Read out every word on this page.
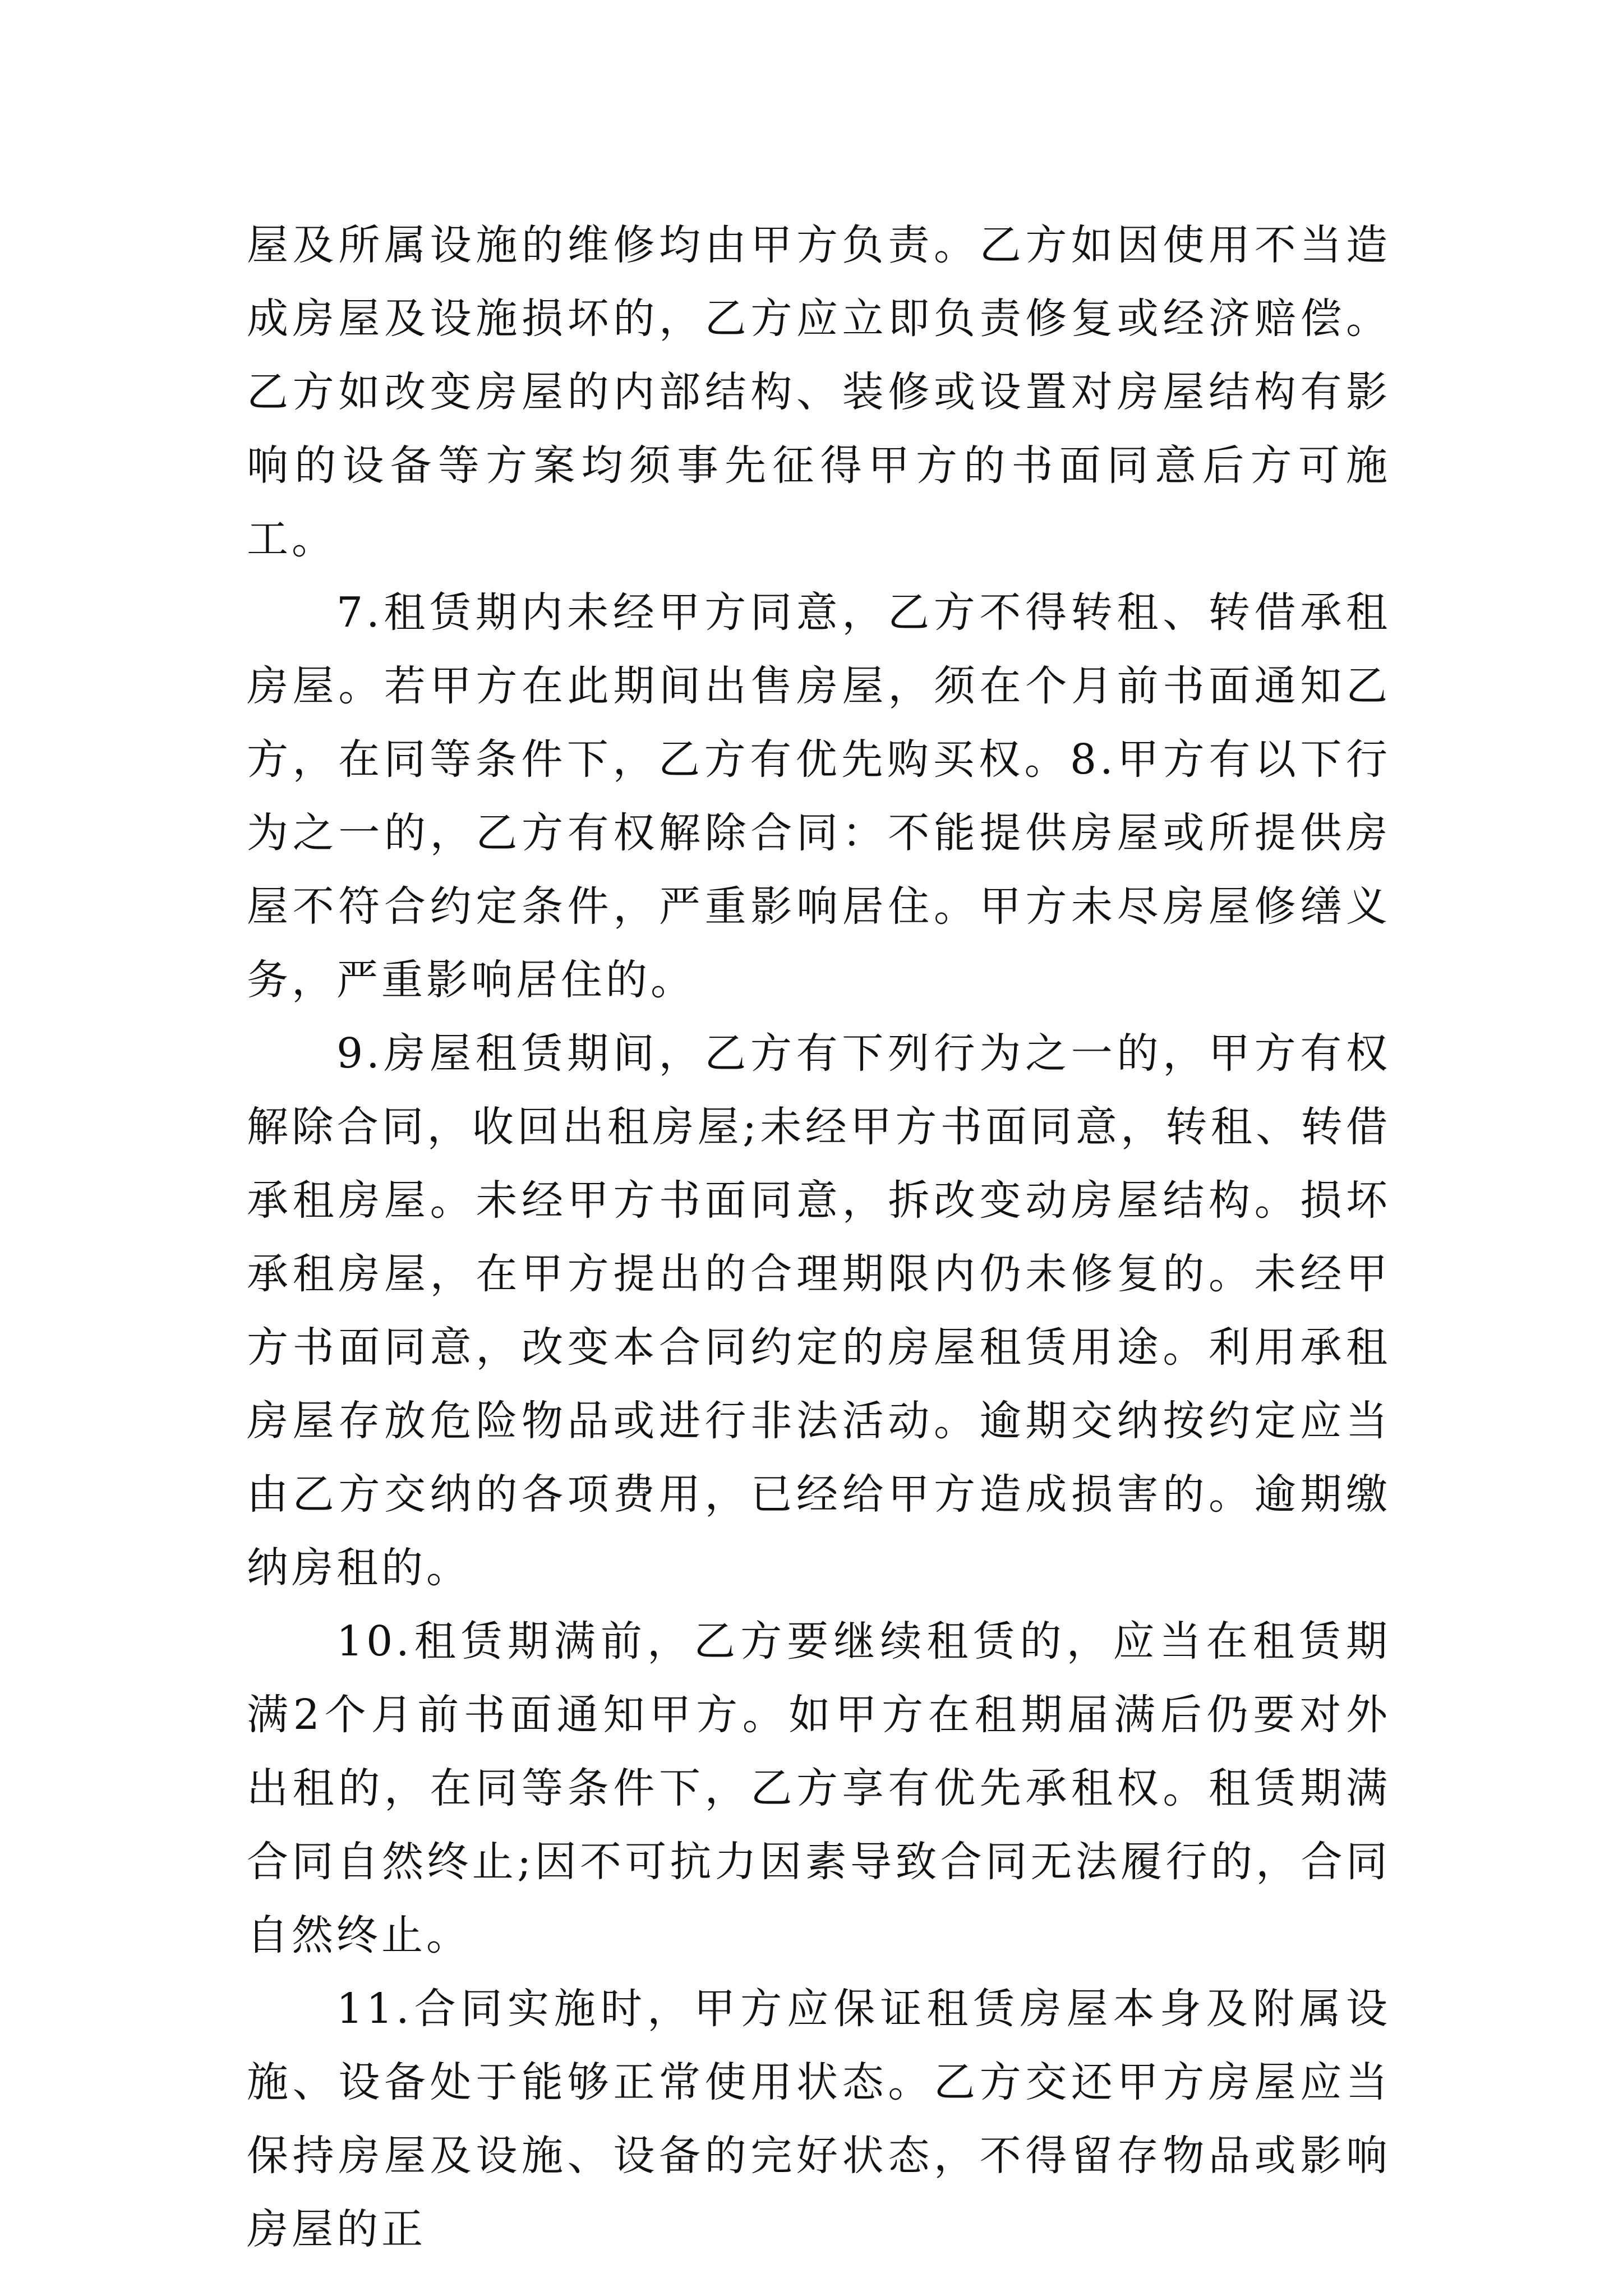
屋及所属设施的维修均由甲方负责。乙方如因使用不当造成房屋及设施损坏的，乙方应立即负责修复或经济赔偿。乙方如改变房屋的内部结构、装修或设置对房屋结构有影响的设备等方案均须事先征得甲方的书面同意后方可施工。

7.租赁期内未经甲方同意，乙方不得转租、转借承租房屋。若甲方在此期间出售房屋，须在个月前书面通知乙方，在同等条件下，乙方有优先购买权。8.甲方有以下行为之一的，乙方有权解除合同：不能提供房屋或所提供房屋不符合约定条件，严重影响居住。甲方未尽房屋修缮义务，严重影响居住的。

9.房屋租赁期间，乙方有下列行为之一的，甲方有权解除合同，收回出租房屋;未经甲方书面同意，转租、转借承租房屋。未经甲方书面同意，拆改变动房屋结构。损坏承租房屋，在甲方提出的合理期限内仍未修复的。未经甲方书面同意，改变本合同约定的房屋租赁用途。利用承租房屋存放危险物品或进行非法活动。逾期交纳按约定应当由乙方交纳的各项费用，已经给甲方造成损害的。逾期缴纳房租的。

10.租赁期满前，乙方要继续租赁的，应当在租赁期满2个月前书面通知甲方。如甲方在租期届满后仍要对外出租的，在同等条件下，乙方享有优先承租权。租赁期满合同自然终止;因不可抗力因素导致合同无法履行的，合同自然终止。

11.合同实施时，甲方应保证租赁房屋本身及附属设施、设备处于能够正常使用状态。乙方交还甲方房屋应当保持房屋及设施、设备的完好状态，不得留存物品或影响房屋的正
